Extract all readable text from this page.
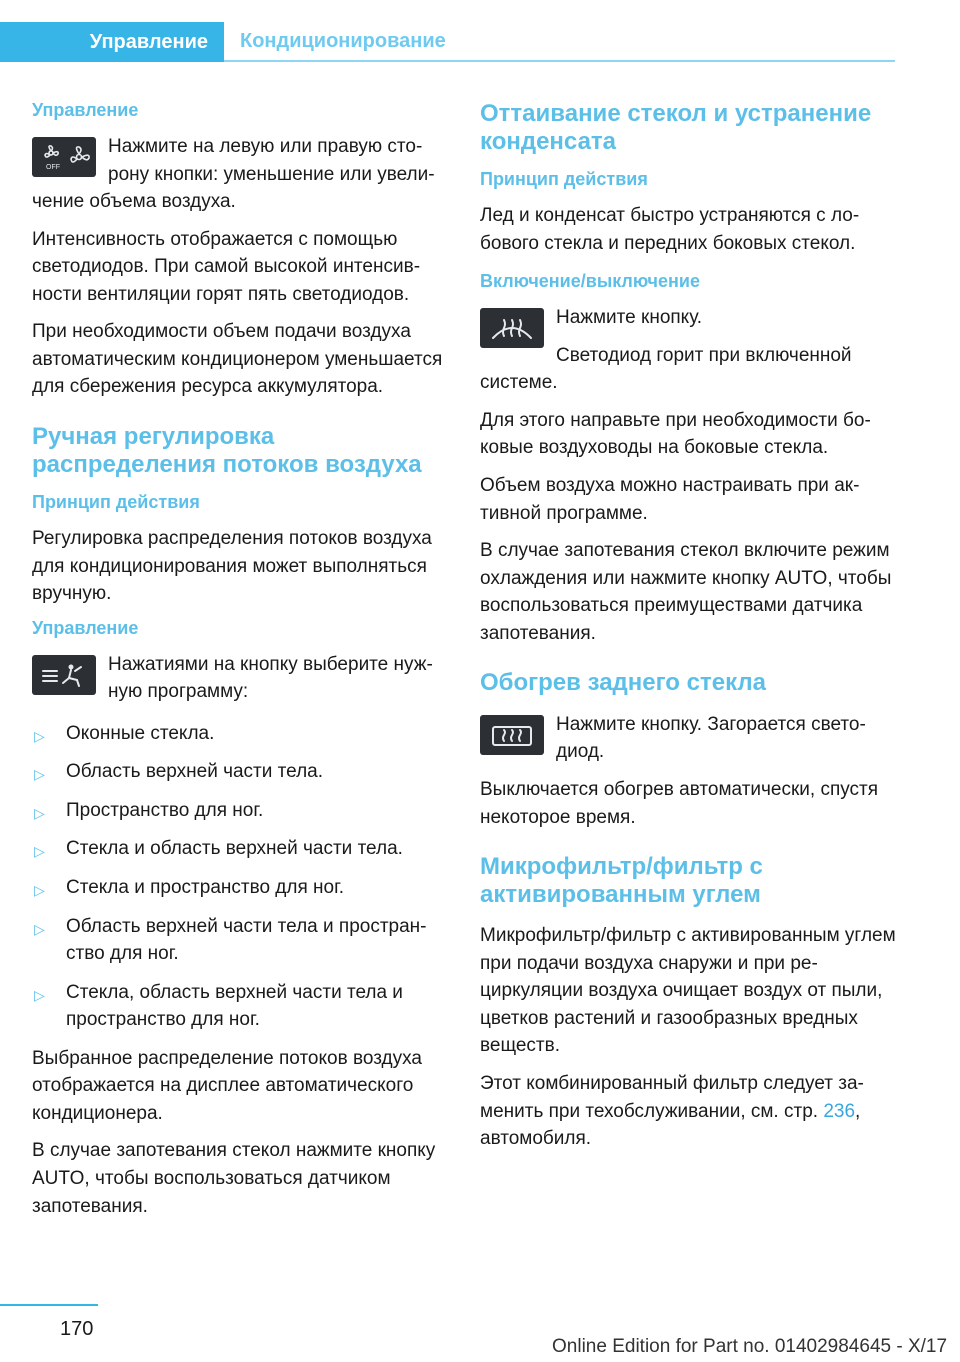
Управление	Кондиционирование
Управление
OFF

Нажмите на левую или правую сторону кнопки: уменьшение или увеличение объема воздуха.

Интенсивность отображается с помощью светодиодов. При самой высокой интенсивности вентиляции горят пять светодиодов.

При необходимости объем подачи воздуха автоматическим кондиционером уменьшается для сбережения ресурса аккумулятора.

Ручная регулировка распределения потоков воздуха
Принцип действия

Регулировка распределения потоков воздуха для кондиционирования может выполняться вручную.

Управление

Нажатиями на кнопку выберите нужную программу:

▷ Оконные стекла.
▷ Область верхней части тела.
▷ Пространство для ног.
▷ Стекла и область верхней части тела.
▷ Стекла и пространство для ног.
▷ Область верхней части тела и пространство для ног.
▷ Стекла, область верхней части тела и пространство для ног.

Выбранное распределение потоков воздуха отображается на дисплее автоматического кондиционера.

В случае запотевания стекол нажмите кнопку AUTO, чтобы воспользоваться датчиком запотевания.

Оттаивание стекол и устранение конденсата
Принцип действия

Лед и конденсат быстро устраняются с лобового стекла и передних боковых стекол.

Включение/выключение

Нажмите кнопку.

Светодиод горит при включенной системе.

Для этого направьте при необходимости боковые воздуховоды на боковые стекла.

Объем воздуха можно настраивать при активной программе.

В случае запотевания стекол включите режим охлаждения или нажмите кнопку AUTO, чтобы воспользоваться преимуществами датчика запотевания.

Обогрев заднего стекла

Нажмите кнопку. Загорается светодиод.

Выключается обогрев автоматически, спустя некоторое время.

Микрофильтр/фильтр с активированным углем

Микрофильтр/фильтр с активированным углем при подачи воздуха снаружи и при рециркуляции воздуха очищает воздух от пыли, цветков растений и газообразных вредных веществ.

Этот комбинированный фильтр следует заменить при техобслуживании, см. стр. 236,
автомобиля.

170
Online Edition for Part no. 01402984645 - X/17
